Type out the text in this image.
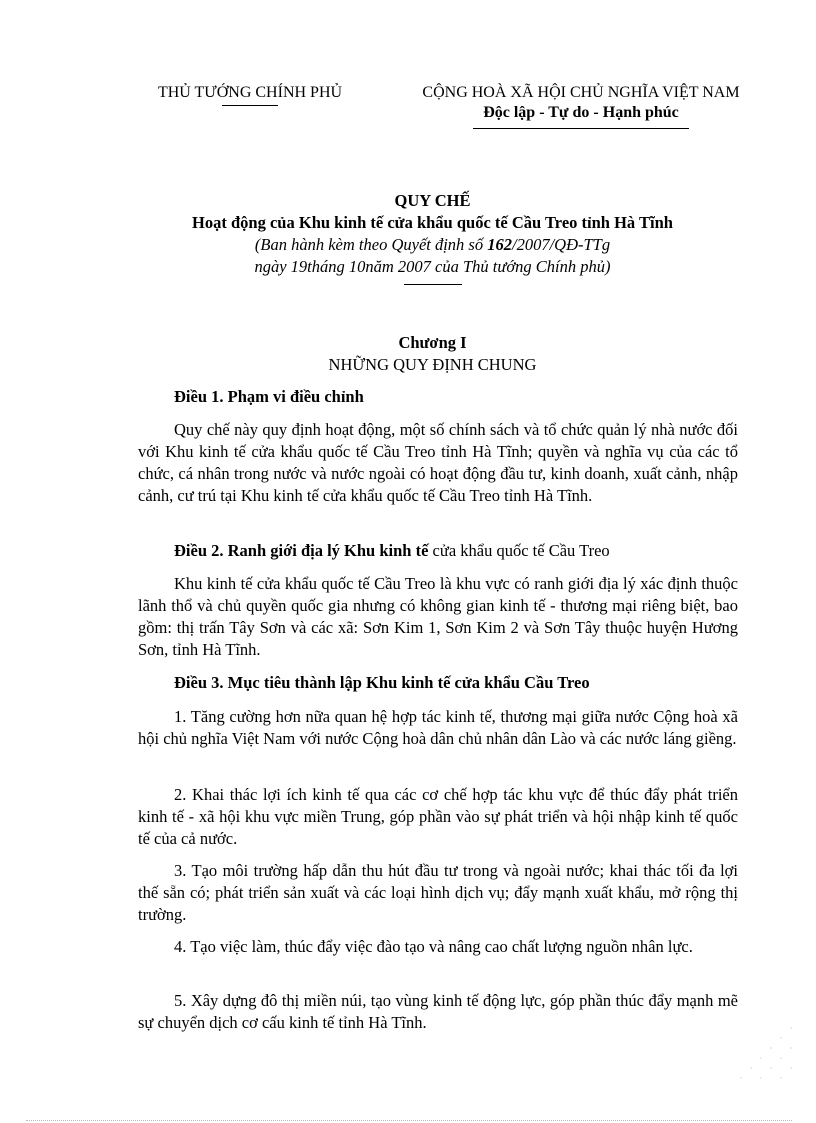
THỦ TƯỚNG CHÍNH PHỦ	CỘNG HOÀ XÃ HỘI CHỦ NGHĨA VIỆT NAM
Độc lập - Tự do - Hạnh phúc
QUY CHẾ
Hoạt động của Khu kinh tế cửa khẩu quốc tế Cầu Treo tỉnh Hà Tĩnh
(Ban hành kèm theo Quyết định số 162/2007/QĐ-TTg
ngày 19tháng 10năm 2007 của Thủ tướng Chính phủ)
Chương I
NHỮNG QUY ĐỊNH CHUNG
Điều 1. Phạm vi điều chỉnh
Quy chế này quy định hoạt động, một số chính sách và tổ chức quản lý nhà nước đối với Khu kinh tế cửa khẩu quốc tế Cầu Treo tỉnh Hà Tĩnh; quyền và nghĩa vụ của các tổ chức, cá nhân trong nước và nước ngoài có hoạt động đầu tư, kinh doanh, xuất cảnh, nhập cảnh, cư trú tại Khu kinh tế cửa khẩu quốc tế Cầu Treo tỉnh Hà Tĩnh.
Điều 2. Ranh giới địa lý Khu kinh tế cửa khẩu quốc tế Cầu Treo
Khu kinh tế cửa khẩu quốc tế Cầu Treo là khu vực có ranh giới địa lý xác định thuộc lãnh thổ và chủ quyền quốc gia nhưng có không gian kinh tế - thương mại riêng biệt, bao gồm: thị trấn Tây Sơn và các xã: Sơn Kim 1, Sơn Kim 2 và Sơn Tây thuộc huyện Hương Sơn, tỉnh Hà Tĩnh.
Điều 3. Mục tiêu thành lập Khu kinh tế cửa khẩu Cầu Treo
1. Tăng cường hơn nữa quan hệ hợp tác kinh tế, thương mại giữa nước Cộng hoà xã hội chủ nghĩa Việt Nam với nước Cộng hoà dân chủ nhân dân Lào và các nước láng giềng.
2. Khai thác lợi ích kinh tế qua các cơ chế hợp tác khu vực để thúc đẩy phát triển kinh tế - xã hội khu vực miền Trung, góp phần vào sự phát triển và hội nhập kinh tế quốc tế của cả nước.
3. Tạo môi trường hấp dẫn thu hút đầu tư trong và ngoài nước; khai thác tối đa lợi thế sẵn có; phát triển sản xuất và các loại hình dịch vụ; đẩy mạnh xuất khẩu, mở rộng thị trường.
4. Tạo việc làm, thúc đẩy việc đào tạo và nâng cao chất lượng nguồn nhân lực.
5. Xây dựng đô thị miền núi, tạo vùng kinh tế động lực, góp phần thúc đẩy mạnh mẽ sự chuyển dịch cơ cấu kinh tế tỉnh Hà Tĩnh.
